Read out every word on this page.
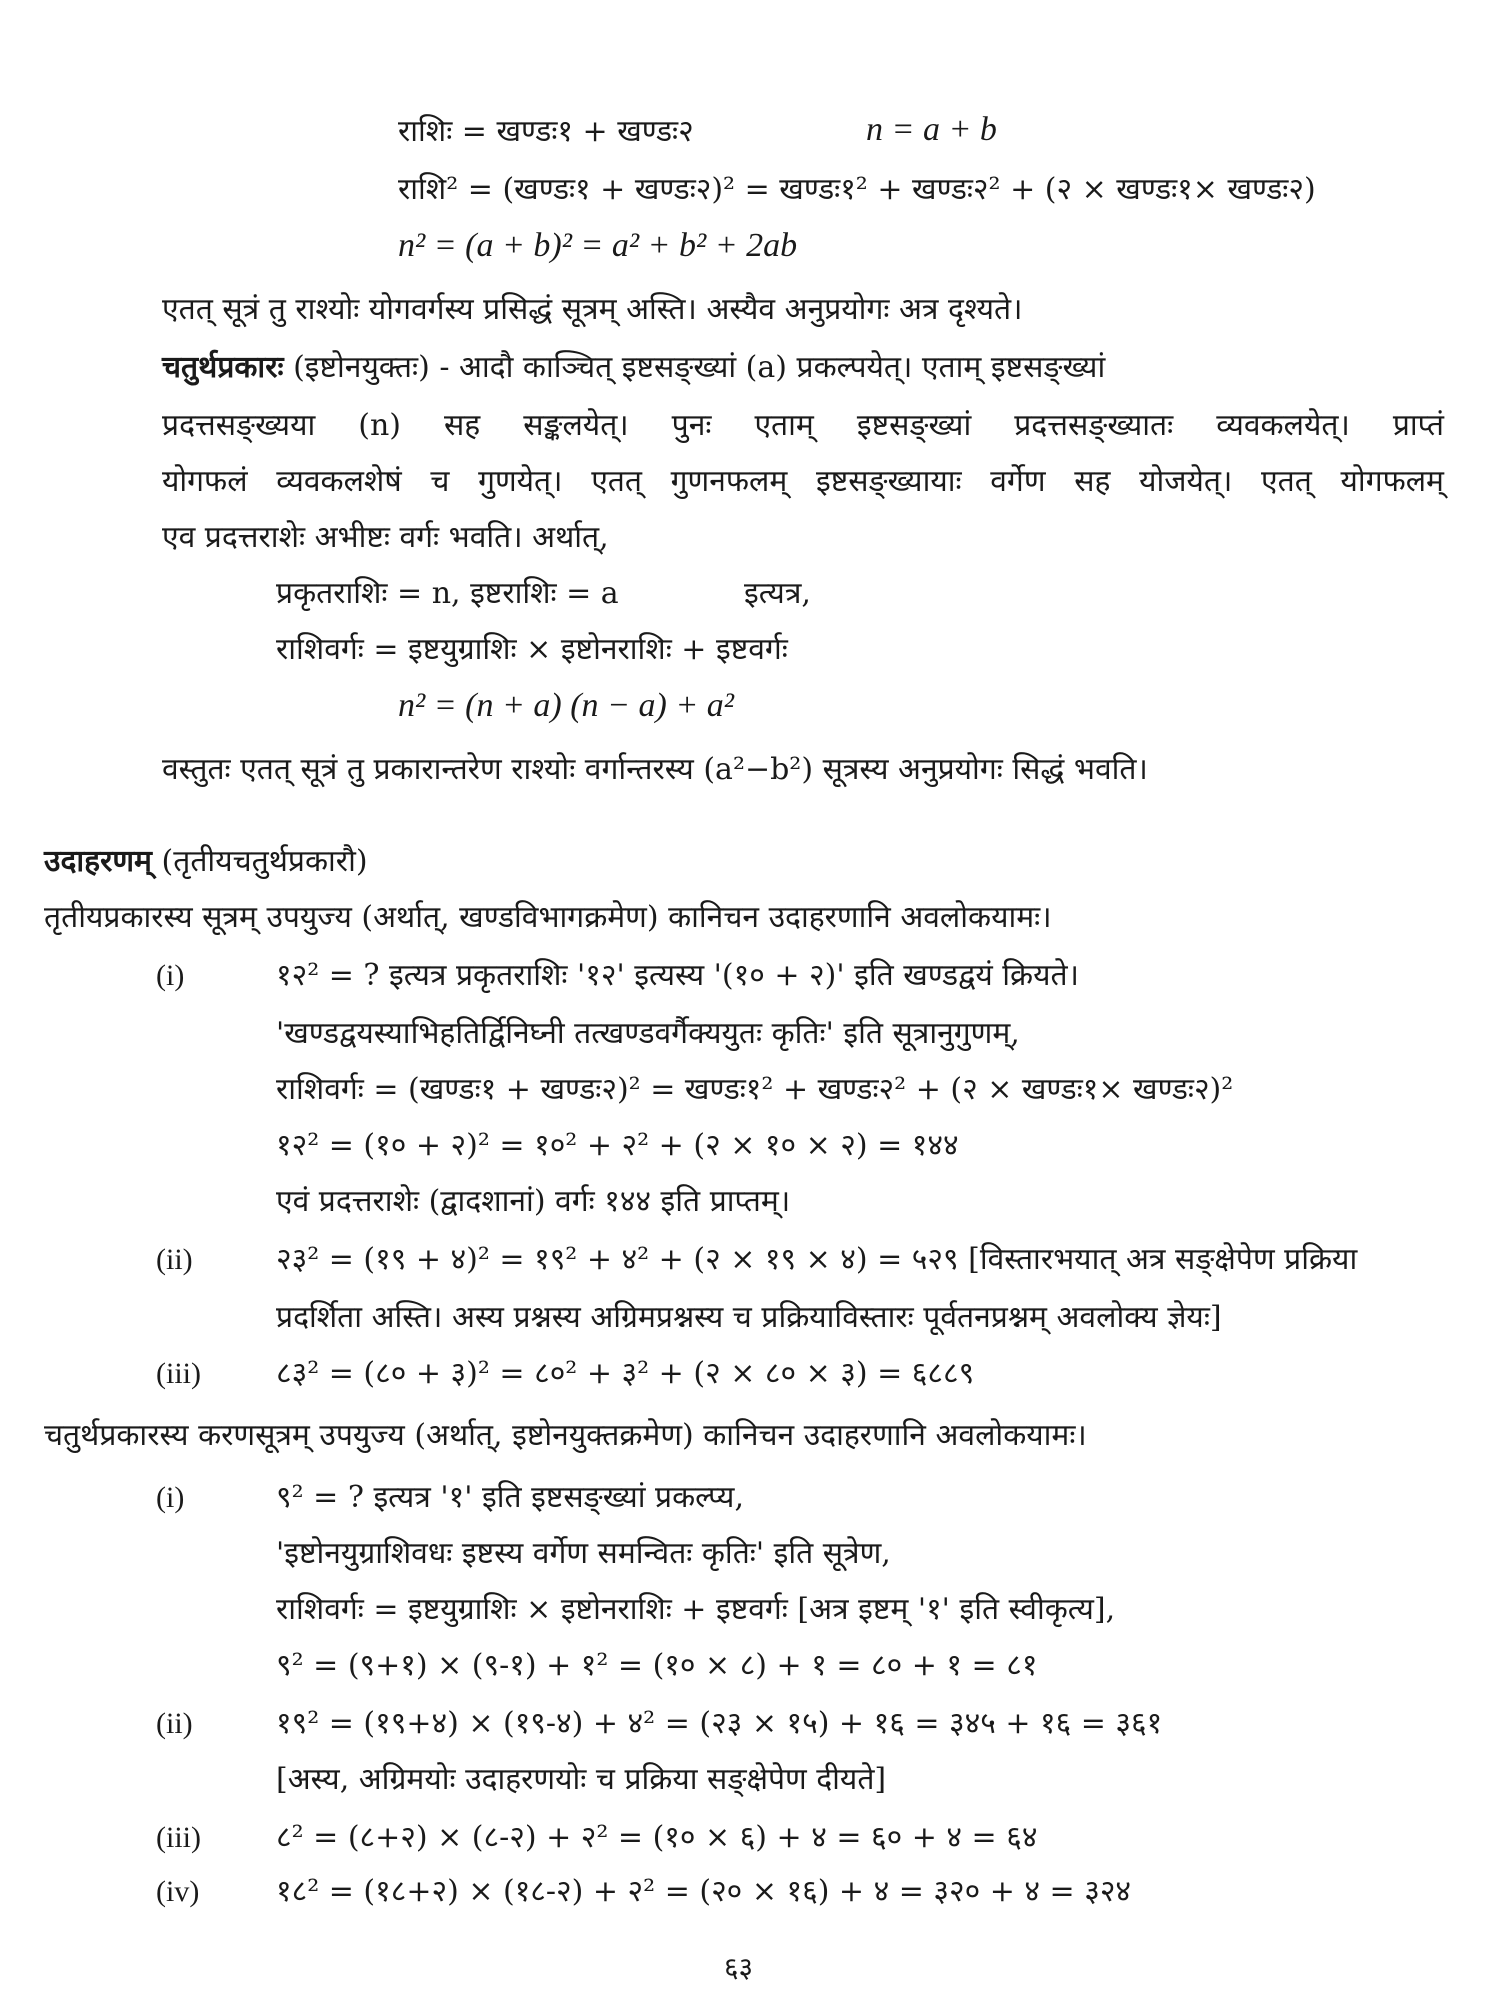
राशिः = खण्डः१ + खण्डः२	n = a + b
राशि² = (खण्डः१ + खण्डः२)² = खण्डः१² + खण्डः२² + (२ × खण्डः१× खण्डः२)
n² = (a + b)² = a² + b² + 2ab
एतत् सूत्रं तु राश्योः योगवर्गस्य प्रसिद्धं सूत्रम् अस्ति। अस्यैव अनुप्रयोगः अत्र दृश्यते।
चतुर्थप्रकारः (इष्टोनयुक्तः) - आदौ काञ्चित् इष्टसङ्ख्यां (a) प्रकल्पयेत्। एताम् इष्टसङ्ख्यां
प्रदत्तसङ्ख्यया (n) सह सङ्कलयेत्। पुनः एताम् इष्टसङ्ख्यां प्रदत्तसङ्ख्यातः व्यवकलयेत्। प्राप्तं
योगफलं व्यवकलशेषं च गुणयेत्। एतत् गुणनफलम् इष्टसङ्ख्यायाः वर्गेण सह योजयेत्। एतत् योगफलम्
एव प्रदत्तराशेः अभीष्टः वर्गः भवति। अर्थात्,
प्रकृतराशिः = n, इष्टराशिः = a	इत्यत्र,
राशिवर्गः = इष्टयुग्राशिः × इष्टोनराशिः + इष्टवर्गः
n² = (n + a) (n − a) + a²
वस्तुतः एतत् सूत्रं तु प्रकारान्तरेण राश्योः वर्गान्तरस्य (a²−b²) सूत्रस्य अनुप्रयोगः सिद्धं भवति।
उदाहरणम् (तृतीयचतुर्थप्रकारौ)
तृतीयप्रकारस्य सूत्रम् उपयुज्य (अर्थात्, खण्डविभागक्रमेण) कानिचन उदाहरणानि अवलोकयामः।
(i)	१२² = ? इत्यत्र प्रकृतराशिः '१२' इत्यस्य '(१० + २)' इति खण्डद्वयं क्रियते।
'खण्डद्वयस्याभिहतिर्द्विनिघ्नी तत्खण्डवर्गैक्ययुतः कृतिः' इति सूत्रानुगुणम्,
राशिवर्गः = (खण्डः१ + खण्डः२)² = खण्डः१² + खण्डः२² + (२ × खण्डः१× खण्डः२)²
१२² = (१० + २)² = १०² + २² + (२ × १० × २) = १४४
एवं प्रदत्तराशेः (द्वादशानां) वर्गः १४४ इति प्राप्तम्।
(ii)	२३² = (१९ + ४)² = १९² + ४² + (२ × १९ × ४) = ५२९ [विस्तारभयात् अत्र सङ्क्षेपेण प्रक्रिया
प्रदर्शिता अस्ति। अस्य प्रश्नस्य अग्रिमप्रश्नस्य च प्रक्रियाविस्तारः पूर्वतनप्रश्नम् अवलोक्य ज्ञेयः]
(iii)	८३² = (८० + ३)² = ८०² + ३² + (२ × ८० × ३) = ६८८९
चतुर्थप्रकारस्य करणसूत्रम् उपयुज्य (अर्थात्, इष्टोनयुक्तक्रमेण) कानिचन उदाहरणानि अवलोकयामः।
(i)	९² = ? इत्यत्र '१' इति इष्टसङ्ख्यां प्रकल्प्य,
'इष्टोनयुग्राशिवधः इष्टस्य वर्गेण समन्वितः कृतिः' इति सूत्रेण,
राशिवर्गः = इष्टयुग्राशिः × इष्टोनराशिः + इष्टवर्गः [अत्र इष्टम् '१' इति स्वीकृत्य],
९² = (९+१) × (९-१) + १² = (१० × ८) + १ = ८० + १ = ८१
(ii)	१९² = (१९+४) × (१९-४) + ४² = (२३ × १५) + १६ = ३४५ + १६ = ३६१
[अस्य, अग्रिमयोः उदाहरणयोः च प्रक्रिया सङ्क्षेपेण दीयते]
(iii)	८² = (८+२) × (८-२) + २² = (१० × ६) + ४ = ६० + ४ = ६४
(iv)	१८² = (१८+२) × (१८-२) + २² = (२० × १६) + ४ = ३२० + ४ = ३२४
६३
